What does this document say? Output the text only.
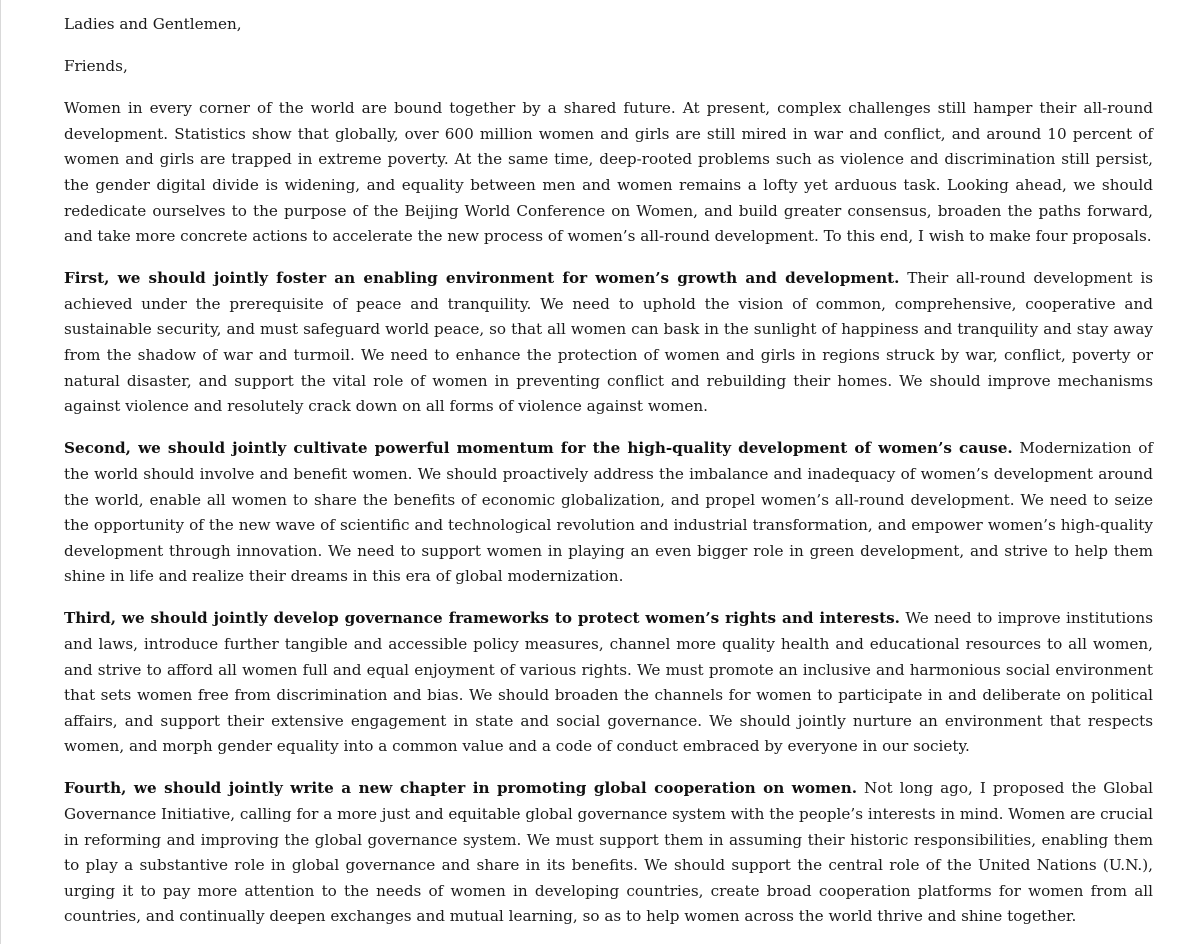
Ladies and Gentlemen,

Friends,

Women in every corner of the world are bound together by a shared future. At present, complex challenges still hamper their all-round development. Statistics show that globally, over 600 million women and girls are still mired in war and conflict, and around 10 percent of women and girls are trapped in extreme poverty. At the same time, deep-rooted problems such as violence and discrimination still persist, the gender digital divide is widening, and equality between men and women remains a lofty yet arduous task. Looking ahead, we should rededicate ourselves to the purpose of the Beijing World Conference on Women, and build greater consensus, broaden the paths forward, and take more concrete actions to accelerate the new process of women’s all-round development. To this end, I wish to make four proposals.

First, we should jointly foster an enabling environment for women’s growth and development. Their all-round development is achieved under the prerequisite of peace and tranquility. We need to uphold the vision of common, comprehensive, cooperative and sustainable security, and must safeguard world peace, so that all women can bask in the sunlight of happiness and tranquility and stay away from the shadow of war and turmoil. We need to enhance the protection of women and girls in regions struck by war, conflict, poverty or natural disaster, and support the vital role of women in preventing conflict and rebuilding their homes. We should improve mechanisms against violence and resolutely crack down on all forms of violence against women.

Second, we should jointly cultivate powerful momentum for the high-quality development of women’s cause. Modernization of the world should involve and benefit women. We should proactively address the imbalance and inadequacy of women’s development around the world, enable all women to share the benefits of economic globalization, and propel women’s all-round development. We need to seize the opportunity of the new wave of scientific and technological revolution and industrial transformation, and empower women’s high-quality development through innovation. We need to support women in playing an even bigger role in green development, and strive to help them shine in life and realize their dreams in this era of global modernization.

Third, we should jointly develop governance frameworks to protect women’s rights and interests. We need to improve institutions and laws, introduce further tangible and accessible policy measures, channel more quality health and educational resources to all women, and strive to afford all women full and equal enjoyment of various rights. We must promote an inclusive and harmonious social environment that sets women free from discrimination and bias. We should broaden the channels for women to participate in and deliberate on political affairs, and support their extensive engagement in state and social governance. We should jointly nurture an environment that respects women, and morph gender equality into a common value and a code of conduct embraced by everyone in our society.

Fourth, we should jointly write a new chapter in promoting global cooperation on women. Not long ago, I proposed the Global Governance Initiative, calling for a more just and equitable global governance system with the people’s interests in mind. Women are crucial in reforming and improving the global governance system. We must support them in assuming their historic responsibilities, enabling them to play a substantive role in global governance and share in its benefits. We should support the central role of the United Nations (U.N.), urging it to pay more attention to the needs of women in developing countries, create broad cooperation platforms for women from all countries, and continually deepen exchanges and mutual learning, so as to help women across the world thrive and shine together.
